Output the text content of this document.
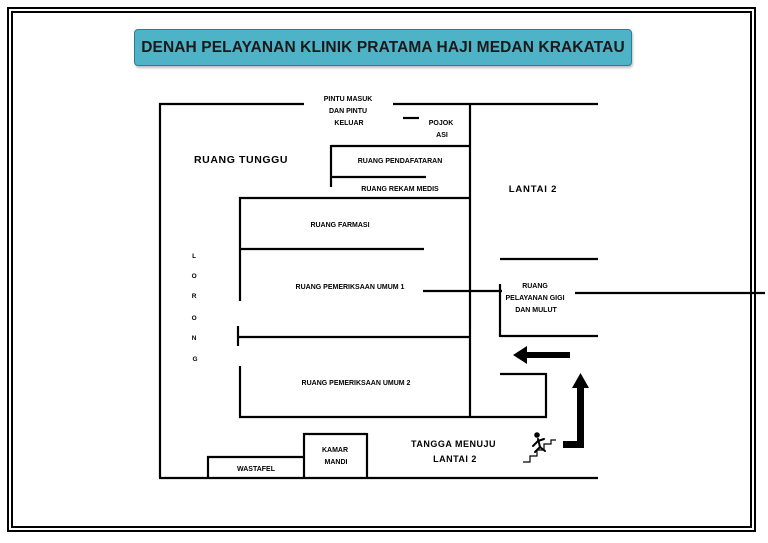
DENAH PELAYANAN KLINIK PRATAMA HAJI MEDAN KRAKATAU
PINTU MASUK DAN PINTU KELUAR	POJOK ASI
RUANG TUNGGU	RUANG PENDAFATARAN
RUANG REKAM MEDIS	LANTAI 2
RUANG FARMASI
L O R O N G
RUANG PEMERIKSAAN UMUM 1	RUANG PELAYANAN GIGI DAN MULUT
RUANG PEMERIKSAAN UMUM 2
KAMAR MANDI
WASTAFEL
TANGGA MENUJU LANTAI 2
